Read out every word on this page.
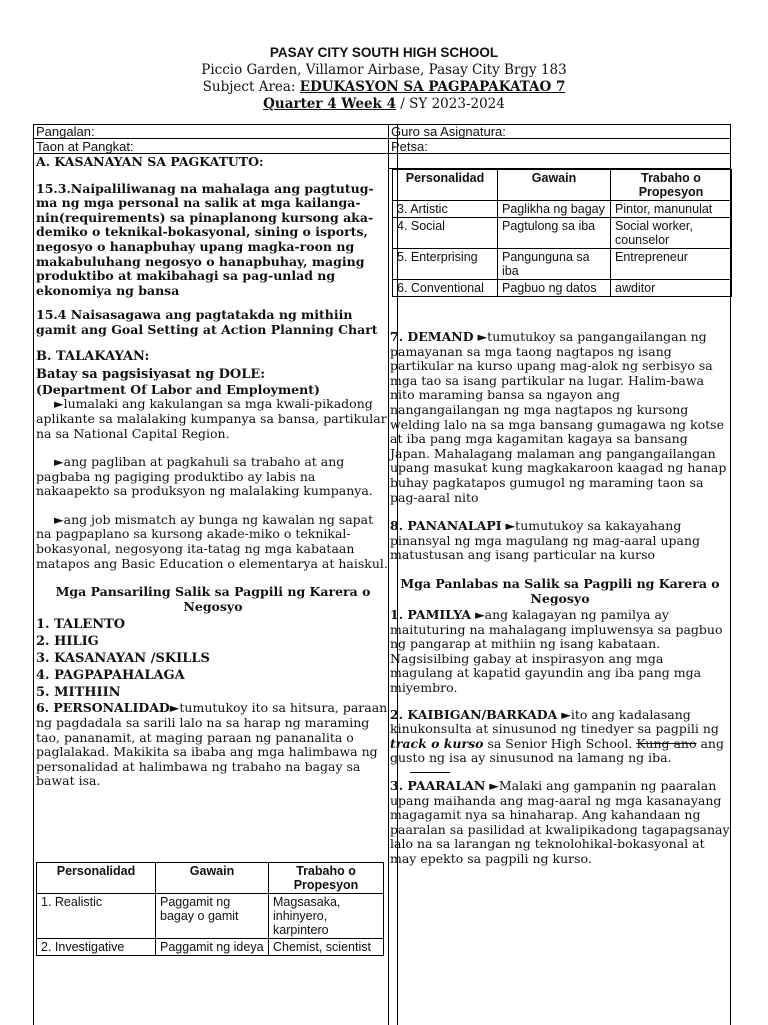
PASAY CITY SOUTH HIGH SCHOOL
Piccio Garden, Villamor Airbase, Pasay City Brgy 183
Subject Area: EDUKASYON SA PAGPAPAKATAO 7
Quarter 4 Week 4 / SY 2023-2024
Pangalan:
Taon at Pangkat:
Guro sa Asignatura:
Petsa:

A. KASANAYAN SA PAGKATUTO:

15.3.Naipaliliwanag na mahalaga ang pagtutug-ma ng mga personal na salik at mga kailanga-nin(requirements) sa pinaplanong kursong aka-demiko o teknikal-bokasyonal, sining o isports, negosyo o hanapbuhay upang magka-roon ng makabuluhang negosyo o hanapbuhay, maging produktibo at makibahagi sa pag-unlad ng ekonomiya ng bansa

15.4 Naisasagawa ang pagtatakda ng mithiin gamit ang Goal Setting at Action Planning Chart

B. TALAKAYAN:

Batay sa pagsisiyasat ng DOLE:

(Department Of Labor and Employment)

►lumalaki ang kakulangan sa mga kwali-pikadong aplikante sa malalaking kumpanya sa bansa, partikular na sa National Capital Region.

►ang pagliban at pagkahuli sa trabaho at ang pagbaba ng pagiging produktibo ay labis na nakaapekto sa produksyon ng malalaking kumpanya.

►ang job mismatch ay bunga ng kawalan ng sapat na pagpaplano sa kursong akade-miko o teknikal-bokasyonal, negosyong ita-tatag ng mga kabataan matapos ang Basic Education o elementarya at haiskul.

Mga Pansariling Salik sa Pagpili ng Karera o Negosyo

1. TALENTO
2. HILIG
3. KASANAYAN /SKILLS
4. PAGPAPAHALAGA
5. MITHIIN

6. PERSONALIDAD►tumutukoy ito sa hitsura, paraan ng pagdadala sa sarili lalo na sa harap ng maraming tao, pananamit, at maging paraan ng pananalita o paglalakad. Makikita sa ibaba ang mga halimbawa ng personalidad at halimbawa ng trabaho na bagay sa bawat isa.

Personalidad	Gawain	Trabaho o Propesyon
1. Realistic	Paggamit ng bagay o gamit	Magsasaka, inhinyero, karpintero
2. Investigative	Paggamit ng ideya	Chemist, scientist
Personalidad	Gawain	Trabaho o Propesyon
3. Artistic	Paglikha ng bagay	Pintor, manunulat
4. Social	Pagtulong sa iba	Social worker, counselor
5. Enterprising	Pangunguna sa iba	Entrepreneur
6. Conventional	Pagbuo ng datos	awditor

7. DEMAND ►tumutukoy sa pangangailangan ng pamayanan sa mga taong nagtapos ng isang partikular na kurso upang mag-alok ng serbisyo sa mga tao sa isang partikular na lugar. Halim-bawa nito maraming bansa sa ngayon ang nangangailangan ng mga nagtapos ng kursong welding lalo na sa mga bansang gumagawa ng kotse at iba pang mga kagamitan kagaya sa bansang Japan. Mahalagang malaman ang pangangailangan upang masukat kung magkakaroon kaagad ng hanap buhay pagkatapos gumugol ng maraming taon sa pag-aaral nito

8. PANANALAPI ►tumutukoy sa kakayahang pinansyal ng mga magulang ng mag-aaral upang matustusan ang isang particular na kurso

Mga Panlabas na Salik sa Pagpili ng Karera o Negosyo

1. PAMILYA ►ang kalagayan ng pamilya ay maituturing na mahalagang impluwensya sa pagbuo ng pangarap at mithiin ng isang kabataan. Nagsisilbing gabay at inspirasyon ang mga magulang at kapatid gayundin ang iba pang mga miyembro.

2. KAIBIGAN/BARKADA ►ito ang kadalasang kinukonsulta at sinusunod ng tinedyer sa pagpili ng track o kurso sa Senior High School. Kung ano ang gusto ng isa ay sinusunod na lamang ng iba.

3. PAARALAN ►Malaki ang gampanin ng paaralan upang maihanda ang mag-aaral ng mga kasanayang magagamit nya sa hinaharap. Ang kahandaan ng paaralan sa pasilidad at kwalipikadong tagapagsanay lalo na sa larangan ng teknolohikal-bokasyonal at may epekto sa pagpili ng kurso.
